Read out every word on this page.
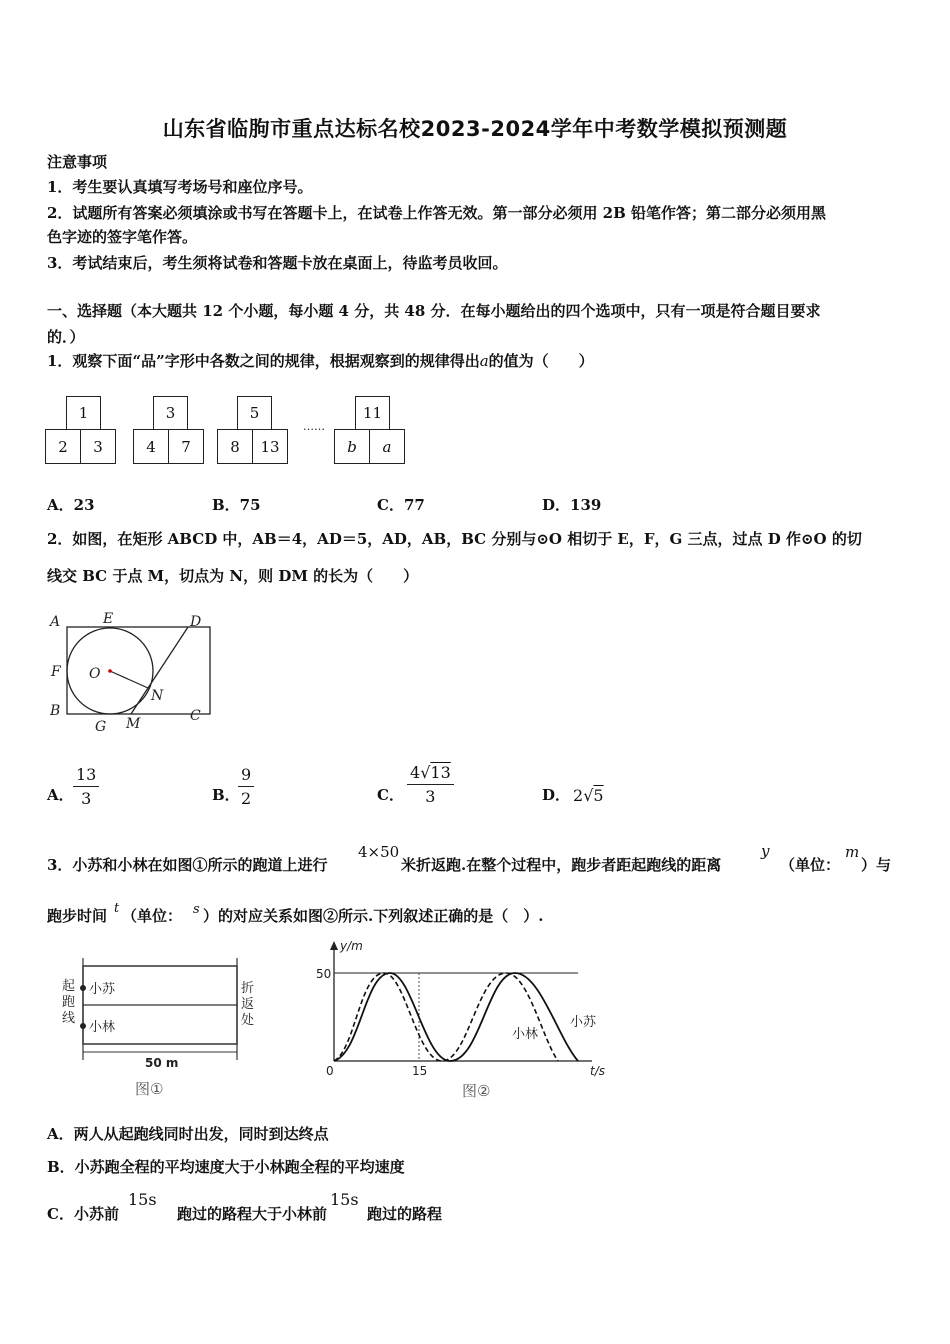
山东省临朐市重点达标名校2023-2024学年中考数学模拟预测题
注意事项
1．考生要认真填写考场号和座位序号。
2．试题所有答案必须填涂或书写在答题卡上，在试卷上作答无效。第一部分必须用 2B 铅笔作答；第二部分必须用黑
色字迹的签字笔作答。
3．考试结束后，考生须将试卷和答题卡放在桌面上，待监考员收回。
一、选择题（本大题共 12 个小题，每小题 4 分，共 48 分．在每小题给出的四个选项中，只有一项是符合题目要求
的．）
1．观察下面“品”字形中各数之间的规律，根据观察到的规律得出a的值为（　　）
1
2	3
3
4	7
5
8	13
……
11
b	a
A．23	B．75	C．77	D．139
2．如图，在矩形 ABCD 中，AB＝4，AD＝5，AD，AB，BC 分别与⊙O 相切于 E，F，G 三点，过点 D 作⊙O 的切
线交 BC 于点 M，切点为 N，则 DM 的长为（　　）
A	E	D
F O
N
B	C
G M
A． $\frac{13}{3}$	B．
$\frac{9}{2}$	C． $\frac{4√13}{3}$	D． 2√5
3．小苏和小林在如图①所示的跑道上进行
4×50
米折返跑.在整个过程中，跑步者距起跑线的距离
y
（单位：
m
）与
跑步时间 t （单位： s ）的对应关系如图②所示.下列叙述正确的是（　）.
起
跑
线
折
返
处
小苏
小林
50 m
图①
y/m
50
0	15	t/s
小苏
小林
图②
A．两人从起跑线同时出发，同时到达终点
B．小苏跑全程的平均速度大于小林跑全程的平均速度
C．小苏前	跑过的路程大于小林前	跑过的路程
15s	15s
